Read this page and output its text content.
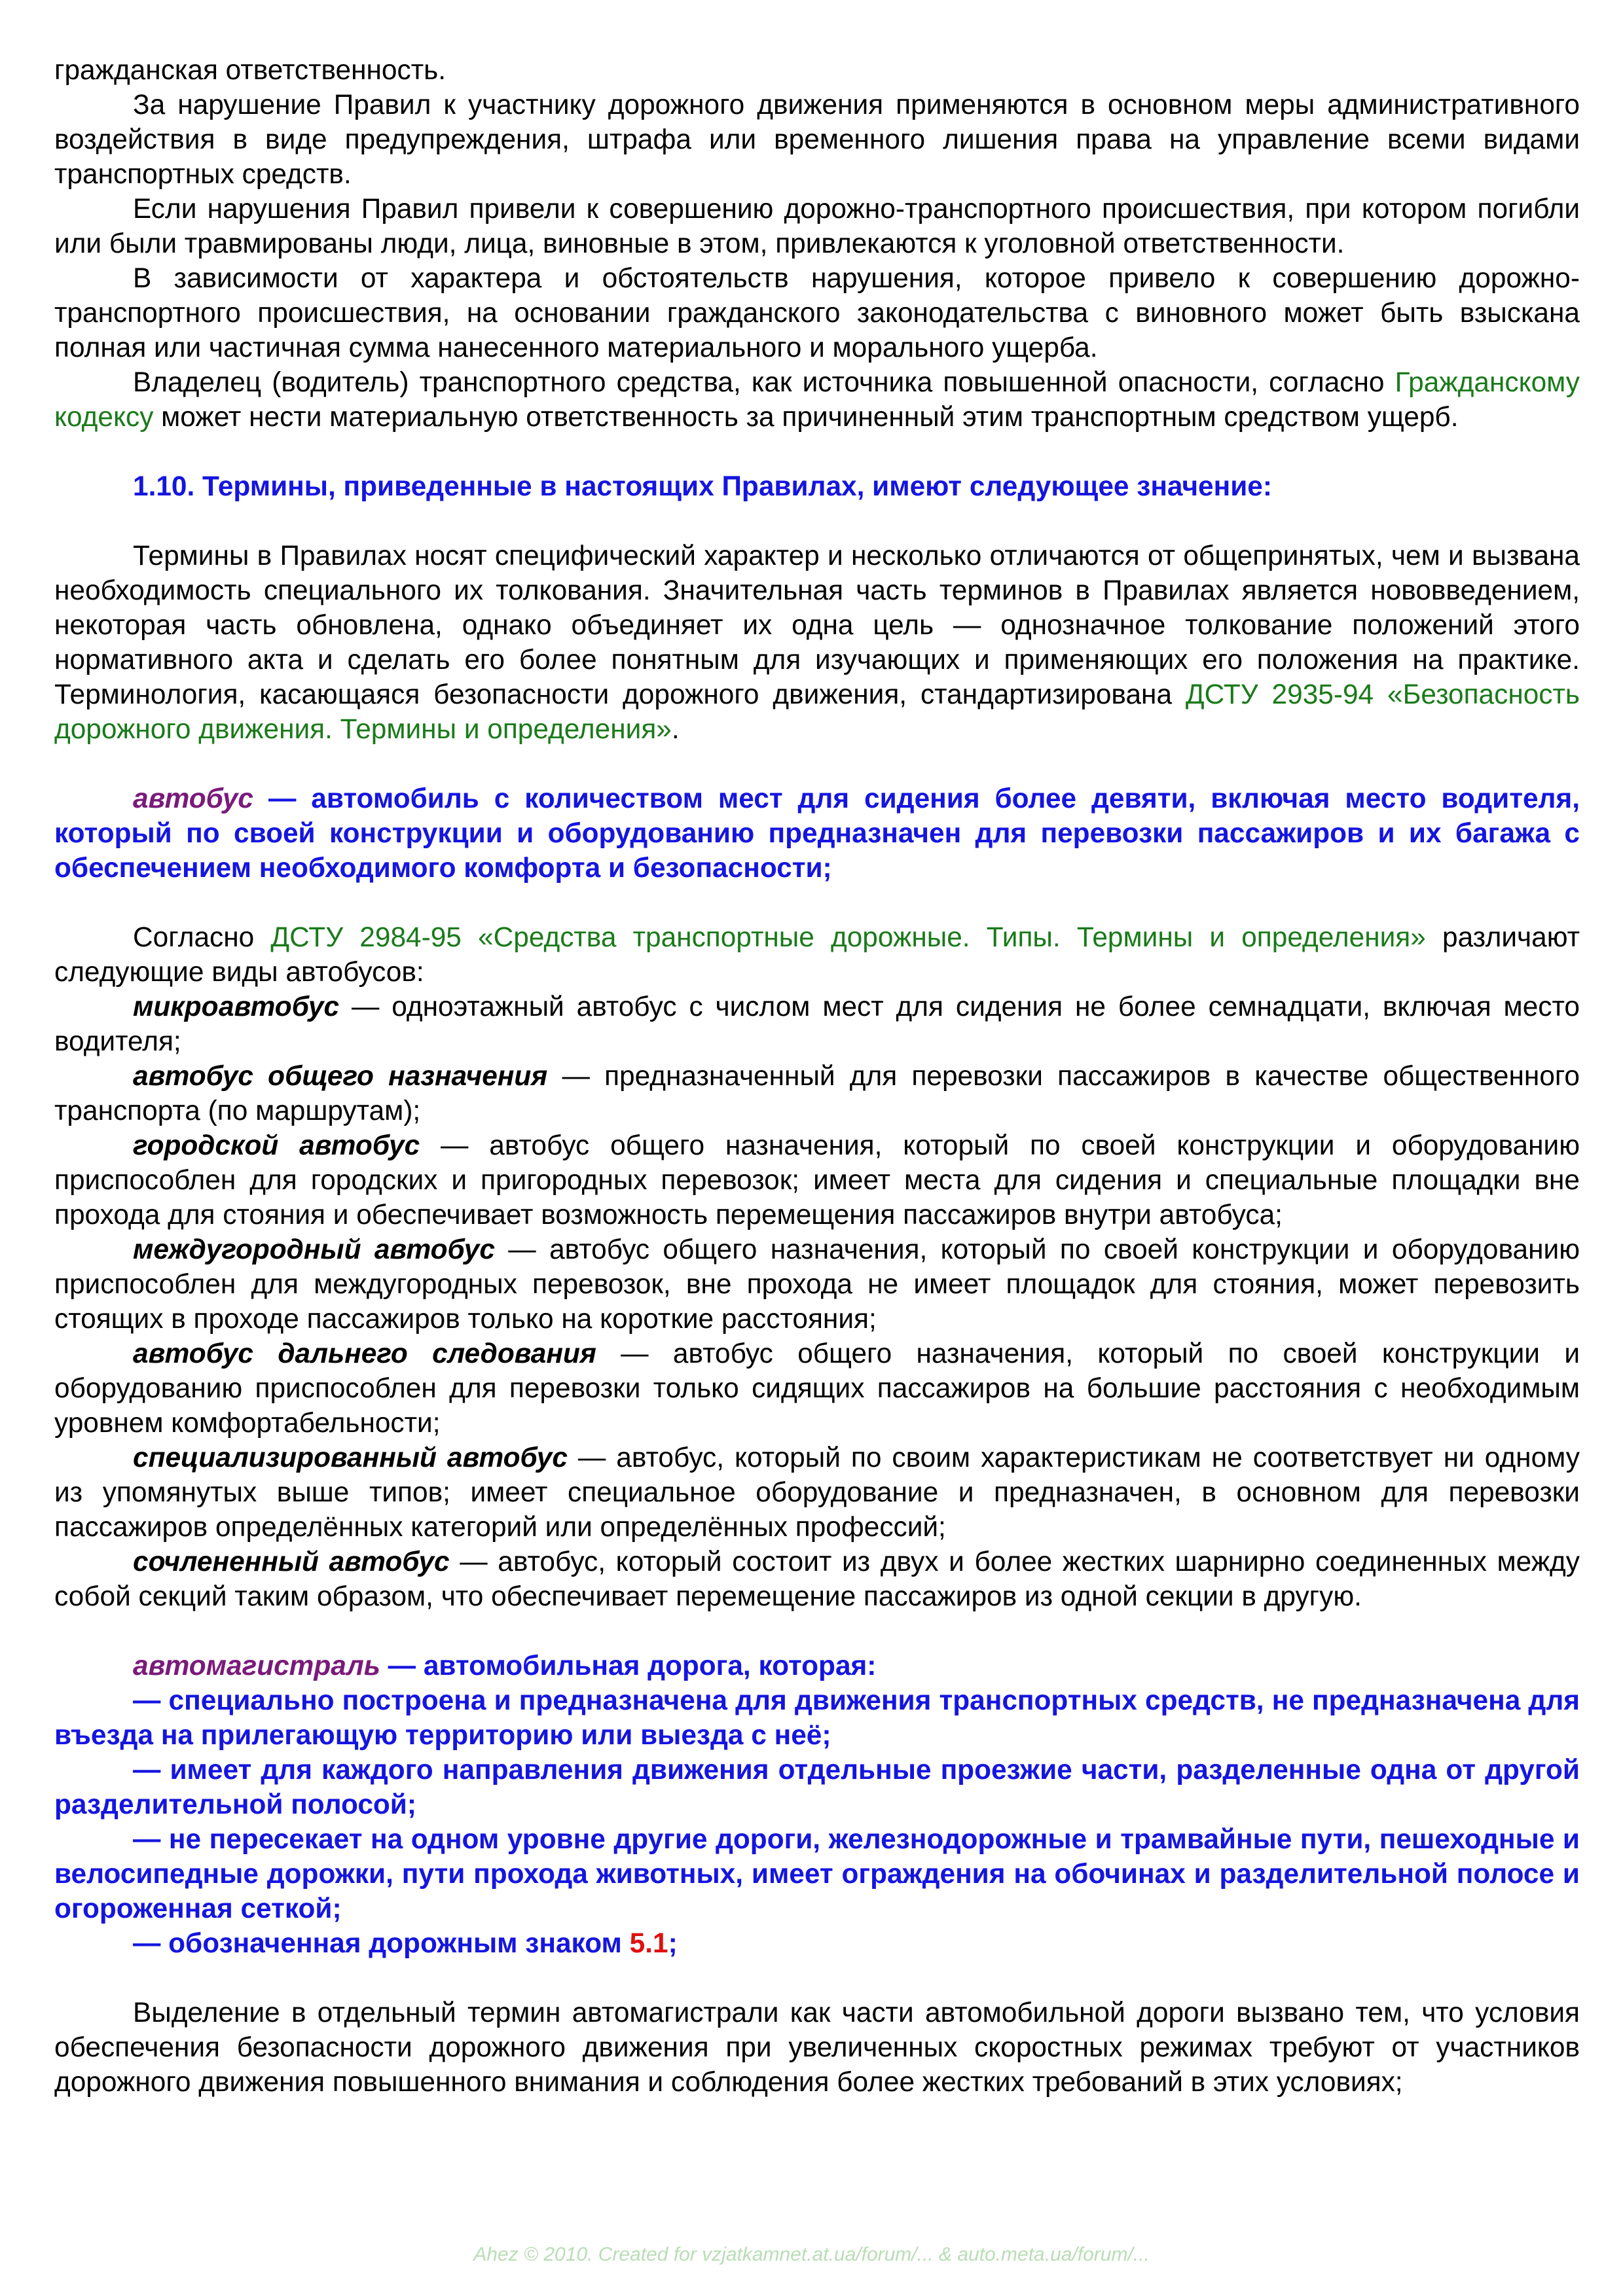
гражданская ответственность.

За нарушение Правил к участнику дорожного движения применяются в основном меры административного воздействия в виде предупреждения, штрафа или временного лишения права на управление всеми видами транспортных средств.

Если нарушения Правил привели к совершению дорожно-транспортного происшествия, при котором погибли или были травмированы люди, лица, виновные в этом, привлекаются к уголовной ответственности.

В зависимости от характера и обстоятельств нарушения, которое привело к совершению дорожно-транспортного происшествия, на основании гражданского законодательства с виновного может быть взыскана полная или частичная сумма нанесенного материального и морального ущерба.

Владелец (водитель) транспортного средства, как источника повышенной опасности, согласно Гражданскому кодексу может нести материальную ответственность за причиненный этим транспортным средством ущерб.

1.10. Термины, приведенные в настоящих Правилах, имеют следующее значение:

Термины в Правилах носят специфический характер и несколько отличаются от общепринятых, чем и вызвана необходимость специального их толкования. Значительная часть терминов в Правилах является нововведением, некоторая часть обновлена, однако объединяет их одна цель — однозначное толкование положений этого нормативного акта и сделать его более понятным для изучающих и применяющих его положения на практике. Терминология, касающаяся безопасности дорожного движения, стандартизирована ДСТУ 2935-94 «Безопасность дорожного движения. Термины и определения».

автобус — автомобиль с количеством мест для сидения более девяти, включая место водителя, который по своей конструкции и оборудованию предназначен для перевозки пассажиров и их багажа с обеспечением необходимого комфорта и безопасности;

Согласно ДСТУ 2984-95 «Средства транспортные дорожные. Типы. Термины и определения» различают следующие виды автобусов:

микроавтобус — одноэтажный автобус с числом мест для сидения не более семнадцати, включая место водителя;

автобус общего назначения — предназначенный для перевозки пассажиров в качестве общественного транспорта (по маршрутам);

городской автобус — автобус общего назначения, который по своей конструкции и оборудованию приспособлен для городских и пригородных перевозок; имеет места для сидения и специальные площадки вне прохода для стояния и обеспечивает возможность перемещения пассажиров внутри автобуса;

междугородный автобус — автобус общего назначения, который по своей конструкции и оборудованию приспособлен для междугородных перевозок, вне прохода не имеет площадок для стояния, может перевозить стоящих в проходе пассажиров только на короткие расстояния;

автобус дальнего следования — автобус общего назначения, который по своей конструкции и оборудованию приспособлен для перевозки только сидящих пассажиров на большие расстояния с необходимым уровнем комфортабельности;

специализированный автобус — автобус, который по своим характеристикам не соответствует ни одному из упомянутых выше типов; имеет специальное оборудование и предназначен, в основном для перевозки пассажиров определённых категорий или определённых профессий;

сочлененный автобус — автобус, который состоит из двух и более жестких шарнирно соединенных между собой секций таким образом, что обеспечивает перемещение пассажиров из одной секции в другую.

автомагистраль — автомобильная дорога, которая:

— специально построена и предназначена для движения транспортных средств, не предназначена для въезда на прилегающую территорию или выезда с неё;

— имеет для каждого направления движения отдельные проезжие части, разделенные одна от другой разделительной полосой;

— не пересекает на одном уровне другие дороги, железнодорожные и трамвайные пути, пешеходные и велосипедные дорожки, пути прохода животных, имеет ограждения на обочинах и разделительной полосе и огороженная сеткой;

— обозначенная дорожным знаком 5.1;

Выделение в отдельный термин автомагистрали как части автомобильной дороги вызвано тем, что условия обеспечения безопасности дорожного движения при увеличенных скоростных режимах требуют от участников дорожного движения повышенного внимания и соблюдения более жестких требований в этих условиях;

Ahez © 2010. Created for vzjatkamnet.at.ua/forum/... & auto.meta.ua/forum/...
